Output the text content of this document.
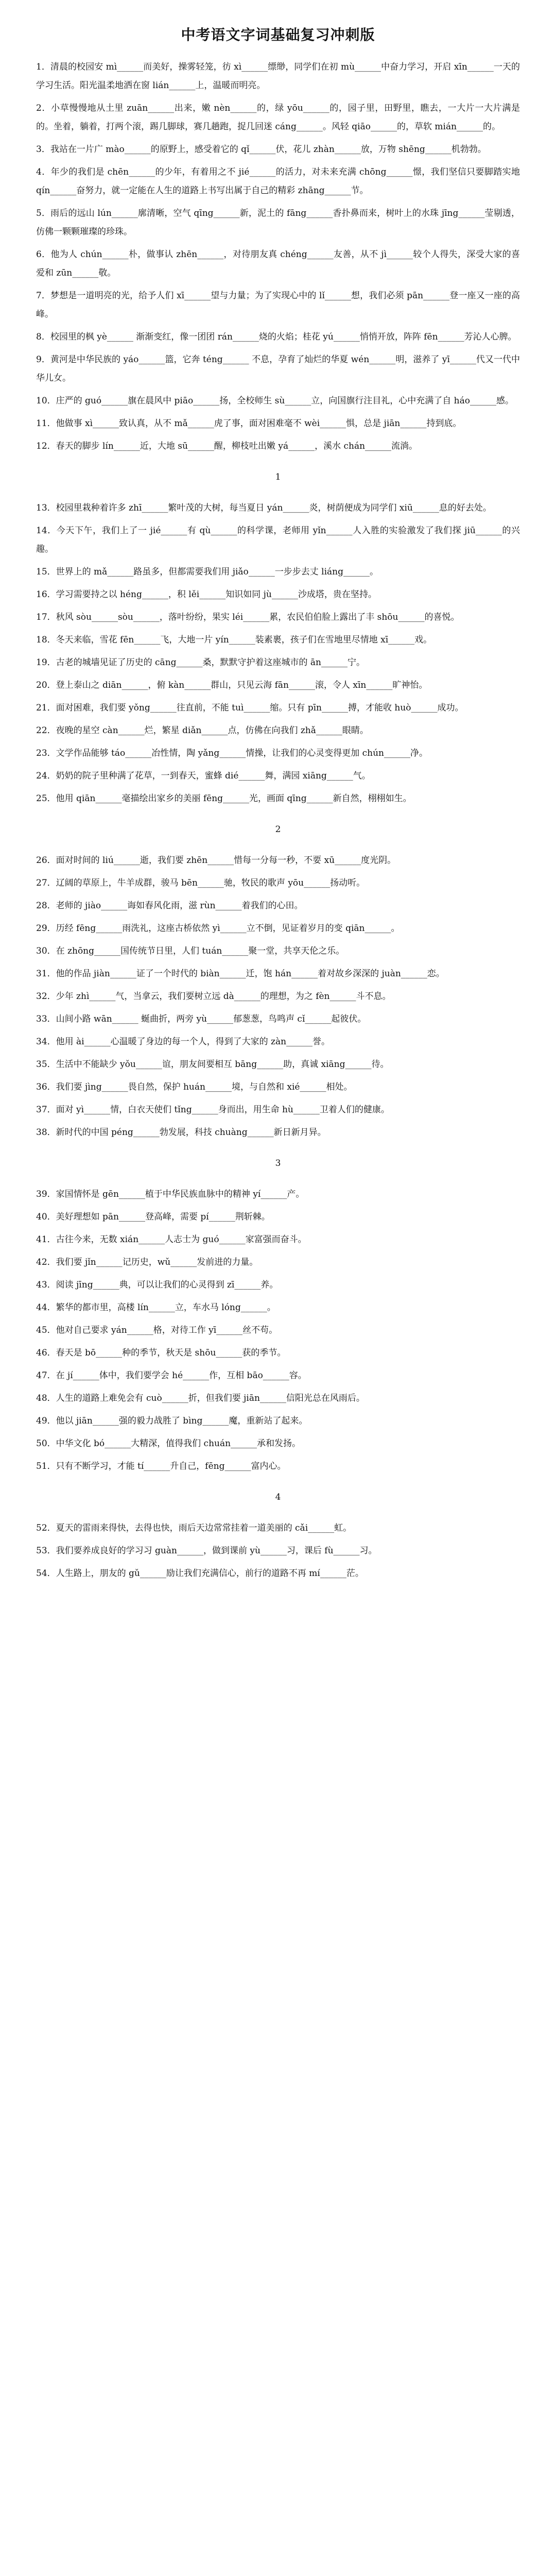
中考语文字词基础复习冲刺版
1．清晨的校园安 mì______而美好，操雾轻笼，彷 xì______缥缈，同学们在初 mù______中奋力学习，开启 xīn______一天的学习生活。阳光温柔地洒在窗 lián______上，温暖而明亮。
2．小草慢慢地从土里 zuān______出来，嫩 nèn______的，绿 yōu______的，园子里，田野里，瞧去，一大片一大片满是的。坐着，躺着，打两个滚，踢几脚球，赛几趟跑，捉几回迷 cáng______。风轻 qiāo______的，草软 mián______的。
3．我站在一片广 mào______的原野上，感受着它的 qǐ______伏，花儿 zhàn______放，万物 shēng______机勃勃。
4．年少的我们是 chēn______的少年，有着用之不 jié______的活力，对未来充满 chōng______憬，我们坚信只要脚踏实地 qín______奋努力，就一定能在人生的道路上书写出属于自己的精彩 zhāng______节。
5．雨后的远山 lún______廓清晰，空气 qīng______新，泥土的 fāng______香扑鼻而来，树叶上的水珠 jīng______莹剔透，仿佛一颗颗璀璨的珍珠。
6．他为人 chún______朴，做事认 zhēn______，对待朋友真 chéng______友善，从不 jì______较个人得失，深受大家的喜爱和 zūn______敬。
7．梦想是一道明亮的光，给予人们 xī______望与力量；为了实现心中的 lǐ______想，我们必须 pān______登一座又一座的高峰。
8．校园里的枫 yè______ 渐渐变红，像一团团 rán______烧的火焰；桂花 yú______悄悄开放，阵阵 fēn______芳沁人心脾。
9．黄河是中华民族的 yáo______篮，它奔 téng______ 不息，孕育了灿烂的华夏 wén______明，滋养了 yī______代又一代中华儿女。
10．庄严的 guó______旗在晨风中 piāo______扬，全校师生 sù______立，向国旗行注目礼，心中充满了自 háo______感。
11．他做事 xì______致认真，从不 mǎ______虎了事，面对困难毫不 wèi______惧，总是 jiān______持到底。
12．春天的脚步 lín______近，大地 sū______醒，柳枝吐出嫩 yá______，溪水 chán______流淌。
1
13．校园里栽种着许多 zhī______繁叶茂的大树，每当夏日 yán______炎，树荫便成为同学们 xiū______息的好去处。
14．今天下午，我们上了一 jié______有 qù______的科学课，老师用 yǐn______人入胜的实验激发了我们探 jiū______的兴趣。
15．世界上的 mǎ______路虽多，但都需要我们用 jiǎo______一步步去丈 liáng______。
16．学习需要持之以 héng______，积 lěi______知识如同 jù______沙成塔，贵在坚持。
17．秋风 sòu______sòu______，落叶纷纷，果实 léi______累，农民伯伯脸上露出了丰 shōu______的喜悦。
18．冬天来临，雪花 fēn______飞，大地一片 yín______装素裹，孩子们在雪地里尽情地 xī______戏。
19．古老的城墙见证了历史的 cāng______桑，默默守护着这座城市的 ān______宁。
20．登上泰山之 diān______，俯 kàn______群山，只见云海 fān______滚，令人 xīn______旷神怡。
21．面对困难，我们要 yǒng______往直前，不能 tuì______缩。只有 pīn______搏，才能收 huò______成功。
22．夜晚的星空 càn______烂，繁星 diǎn______点，仿佛在向我们 zhǎ______眼睛。
23．文学作品能够 táo______冶性情，陶 yǎng______情操，让我们的心灵变得更加 chún______净。
24．奶奶的院子里种满了花草，一到春天，蜜蜂 dié______舞，满园 xiāng______气。
25．他用 qiān______毫描绘出家乡的美丽 fēng______光，画面 qīng______新自然，栩栩如生。
2
26．面对时间的 liú______逝，我们要 zhēn______惜每一分每一秒，不要 xū______度光阴。
27．辽阔的草原上，牛羊成群，骏马 bēn______驰，牧民的歌声 yōu______扬动听。
28．老师的 jiào______诲如春风化雨，滋 rùn______着我们的心田。
29．历经 fēng______雨洗礼，这座古桥依然 yì______立不倒，见证着岁月的变 qiān______。
30．在 zhōng______国传统节日里，人们 tuán______聚一堂，共享天伦之乐。
31．他的作品 jiàn______证了一个时代的 biàn______迁，饱 hán______着对故乡深深的 juàn______恋。
32．少年 zhì______气，当拿云，我们要树立远 dà______的理想，为之 fèn______斗不息。
33．山间小路 wān______ 蜒曲折，两旁 yù______郁葱葱，鸟鸣声 cǐ______起彼伏。
34．他用 ài______心温暖了身边的每一个人，得到了大家的 zàn______誉。
35．生活中不能缺少 yǒu______谊，朋友间要相互 bāng______助，真诚 xiāng______待。
36．我们要 jìng______畏自然，保护 huán______境，与自然和 xié______相处。
37．面对 yì______情，白衣天使们 tǐng______身而出，用生命 hù______卫着人们的健康。
38．新时代的中国 péng______勃发展，科技 chuàng______新日新月异。
3
39．家国情怀是 gēn______植于中华民族血脉中的精神 yí______产。
40．美好理想如 pān______登高峰，需要 pí______荆斩棘。
41．古往今来，无数 xián______人志士为 guó______家富强而奋斗。
42．我们要 jǐn______记历史，wǔ______发前进的力量。
43．阅读 jīng______典，可以让我们的心灵得到 zī______养。
44．繁华的都市里，高楼 lín______立，车水马 lóng______。
45．他对自己要求 yán______格，对待工作 yī______丝不苟。
46．春天是 bō______种的季节，秋天是 shōu______获的季节。
47．在 jí______体中，我们要学会 hé______作，互相 bāo______容。
48．人生的道路上难免会有 cuò______折，但我们要 jiān______信阳光总在风雨后。
49．他以 jiān______强的毅力战胜了 bìng______魔，重新站了起来。
50．中华文化 bó______大精深，值得我们 chuán______承和发扬。
51．只有不断学习，才能 tí______升自己，fēng______富内心。
4
52．夏天的雷雨来得快，去得也快，雨后天边常常挂着一道美丽的 cǎi______虹。
53．我们要养成良好的学习习 guàn______，做到课前 yù______习，课后 fù______习。
54．人生路上，朋友的 gǔ______励让我们充满信心，前行的道路不再 mí______茫。
